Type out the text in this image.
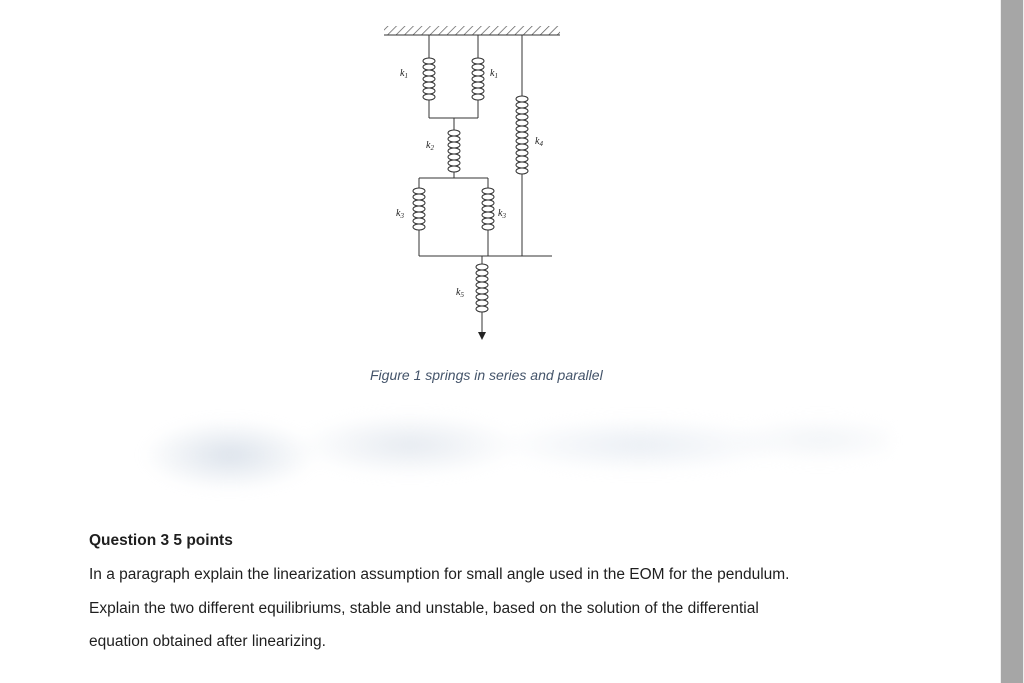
$k_1$	$k_1$
$k_2$
$k_4$
$k_3$	$k_3$
$k_5$
Figure 1 springs in series and parallel
Question 3 5 points
In a paragraph explain the linearization assumption for small angle used in the EOM for the pendulum.
Explain the two different equilibriums, stable and unstable, based on the solution of the differential
equation obtained after linearizing.
